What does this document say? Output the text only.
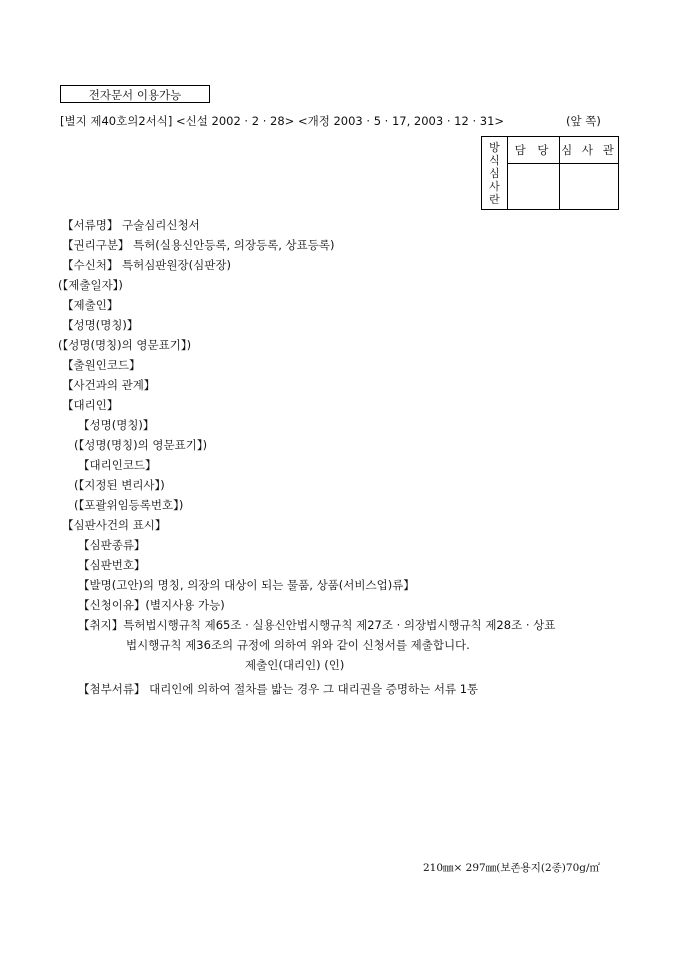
전자문서 이용가능
[별지 제40호의2서식] <신설 2002 · 2 · 28> <개정 2003 · 5 · 17, 2003 · 12 · 31>	(앞 쪽)
방
식
심
사
란	담 당	심 사 관

【서류명】 구술심리신청서
【권리구분】 특허(실용신안등록, 의장등록, 상표등록)
【수신처】 특허심판원장(심판장)
(【제출일자】)
【제출인】
【성명(명칭)】
(【성명(명칭)의 영문표기】)
【출원인코드】
【사건과의 관계】
【대리인】
【성명(명칭)】
(【성명(명칭)의 영문표기】)
【대리인코드】
(【지정된 변리사】)
(【포괄위임등록번호】)
【심판사건의 표시】
【심판종류】
【심판번호】
【발명(고안)의 명칭, 의장의 대상이 되는 물품, 상품(서비스업)류】
【신청이유】(별지사용 가능)
【취지】특허법시행규칙 제65조 · 실용신안법시행규칙 제27조 · 의장법시행규칙 제28조 · 상표
법시행규칙 제36조의 규정에 의하여 위와 같이 신청서를 제출합니다.
제출인(대리인) (인)
【첨부서류】 대리인에 의하여 절차를 밟는 경우 그 대리권을 증명하는 서류 1통
210㎜× 297㎜(보존용지(2종)70g/㎡
